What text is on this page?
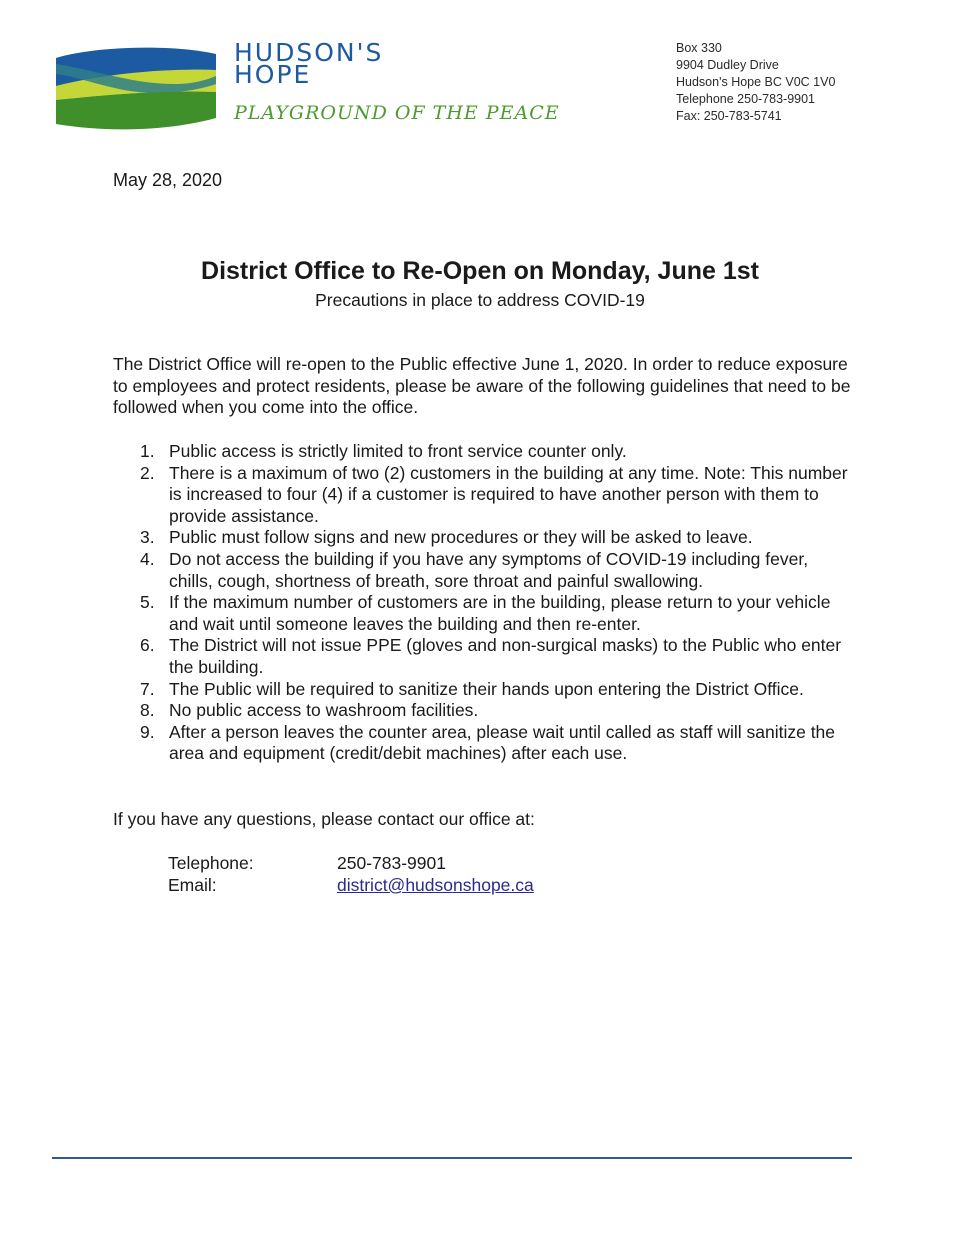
HUDSON'S
HOPE
PLAYGROUND OF THE PEACE
Box 330
9904 Dudley Drive
Hudson's Hope BC V0C 1V0
Telephone 250-783-9901
Fax: 250-783-5741
May 28, 2020
District Office to Re-Open on Monday, June 1st
Precautions in place to address COVID-19

The District Office will re-open to the Public effective June 1, 2020. In order to reduce exposure to employees and protect residents, please be aware of the following guidelines that need to be followed when you come into the office.

1. Public access is strictly limited to front service counter only.
2. There is a maximum of two (2) customers in the building at any time. Note: This number is increased to four (4) if a customer is required to have another person with them to provide assistance.
3. Public must follow signs and new procedures or they will be asked to leave.
4. Do not access the building if you have any symptoms of COVID-19 including fever, chills, cough, shortness of breath, sore throat and painful swallowing.
5. If the maximum number of customers are in the building, please return to your vehicle and wait until someone leaves the building and then re-enter.
6. The District will not issue PPE (gloves and non-surgical masks) to the Public who enter the building.
7. The Public will be required to sanitize their hands upon entering the District Office.
8. No public access to washroom facilities.
9. After a person leaves the counter area, please wait until called as staff will sanitize the area and equipment (credit/debit machines) after each use.
If you have any questions, please contact our office at:
Telephone:	250-783-9901
Email:	district@hudsonshope.ca
